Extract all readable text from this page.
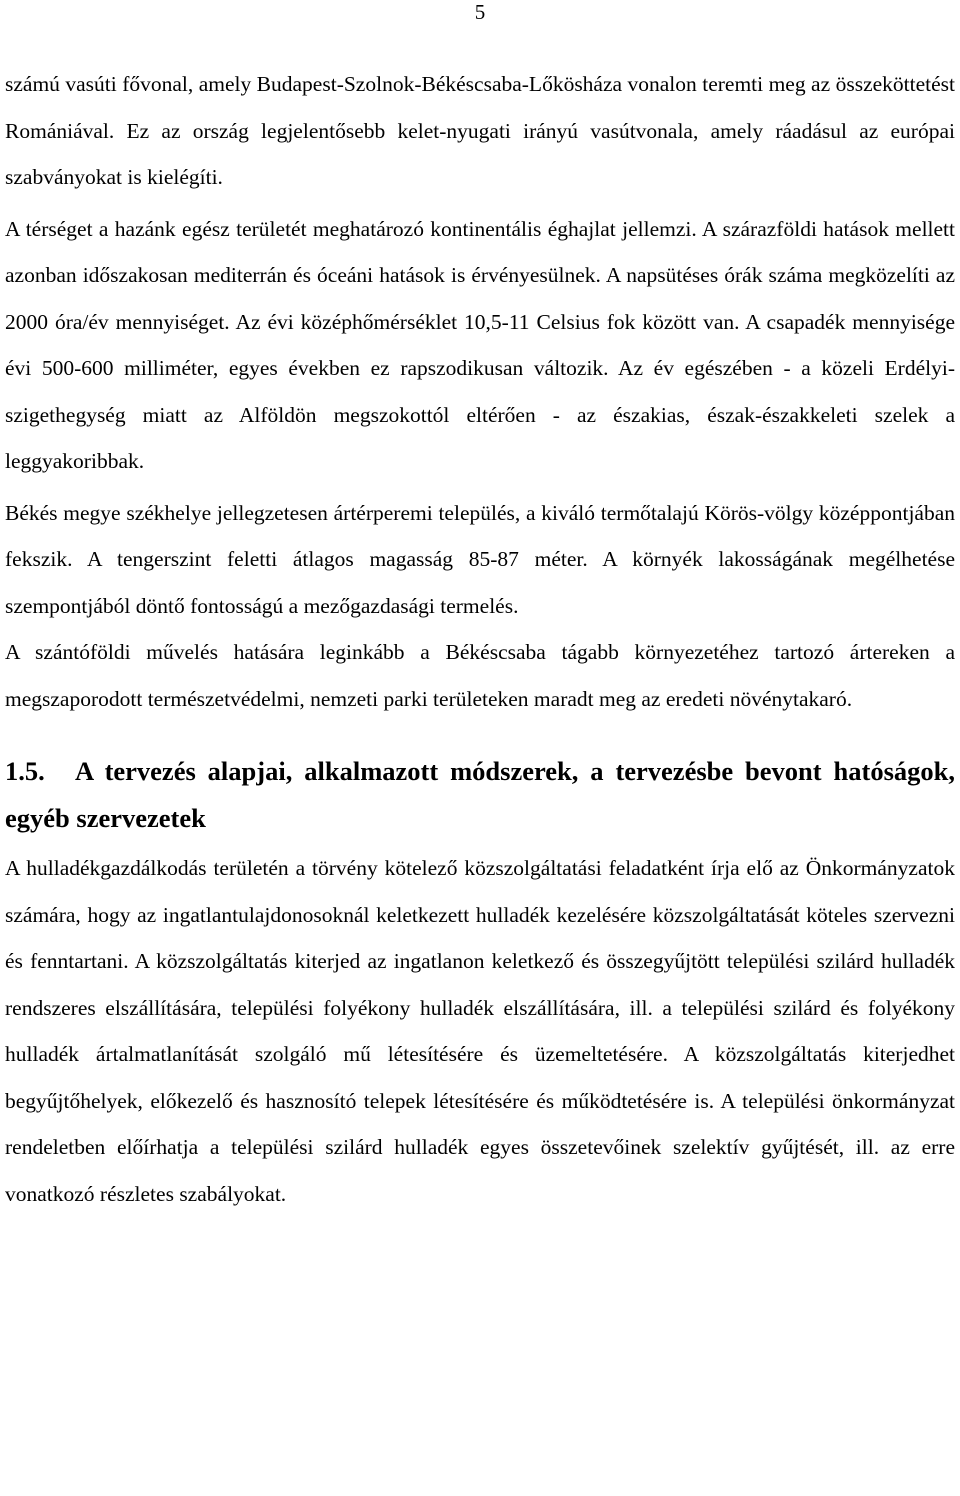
5

számú vasúti fővonal, amely Budapest-Szolnok-Békéscsaba-Lőkösháza vonalon teremti meg az összeköttetést Romániával. Ez az ország legjelentősebb kelet-nyugati irányú vasútvonala, amely ráadásul az európai szabványokat is kielégíti.

A térséget a hazánk egész területét meghatározó kontinentális éghajlat jellemzi. A szárazföldi hatások mellett azonban időszakosan mediterrán és óceáni hatások is érvényesülnek. A napsütéses órák száma megközelíti az 2000 óra/év mennyiséget. Az évi középhőmérséklet 10,5-11 Celsius fok között van. A csapadék mennyisége évi 500-600 milliméter, egyes években ez rapszodikusan változik. Az év egészében - a közeli Erdélyi-szigethegység miatt az Alföldön megszokottól eltérően - az északias, észak-északkeleti szelek a leggyakoribbak.

Békés megye székhelye jellegzetesen ártérperemi település, a kiváló termőtalajú Körös-völgy középpontjában fekszik. A tengerszint feletti átlagos magasság 85-87 méter. A környék lakosságának megélhetése szempontjából döntő fontosságú a mezőgazdasági termelés.

A szántóföldi művelés hatására leginkább a Békéscsaba tágabb környezetéhez tartozó ártereken a megszaporodott természetvédelmi, nemzeti parki területeken maradt meg az eredeti növénytakaró.

1.5. A tervezés alapjai, alkalmazott módszerek, a tervezésbe bevont hatóságok, egyéb szervezetek

A hulladékgazdálkodás területén a törvény kötelező közszolgáltatási feladatként írja elő az Önkormányzatok számára, hogy az ingatlantulajdonosoknál keletkezett hulladék kezelésére közszolgáltatását köteles szervezni és fenntartani. A közszolgáltatás kiterjed az ingatlanon keletkező és összegyűjtött települési szilárd hulladék rendszeres elszállítására, települési folyékony hulladék elszállítására, ill. a települési szilárd és folyékony hulladék ártalmatlanítását szolgáló mű létesítésére és üzemeltetésére. A közszolgáltatás kiterjedhet begyűjtőhelyek, előkezelő és hasznosító telepek létesítésére és működtetésére is. A települési önkormányzat rendeletben előírhatja a települési szilárd hulladék egyes összetevőinek szelektív gyűjtését, ill. az erre vonatkozó részletes szabályokat.
